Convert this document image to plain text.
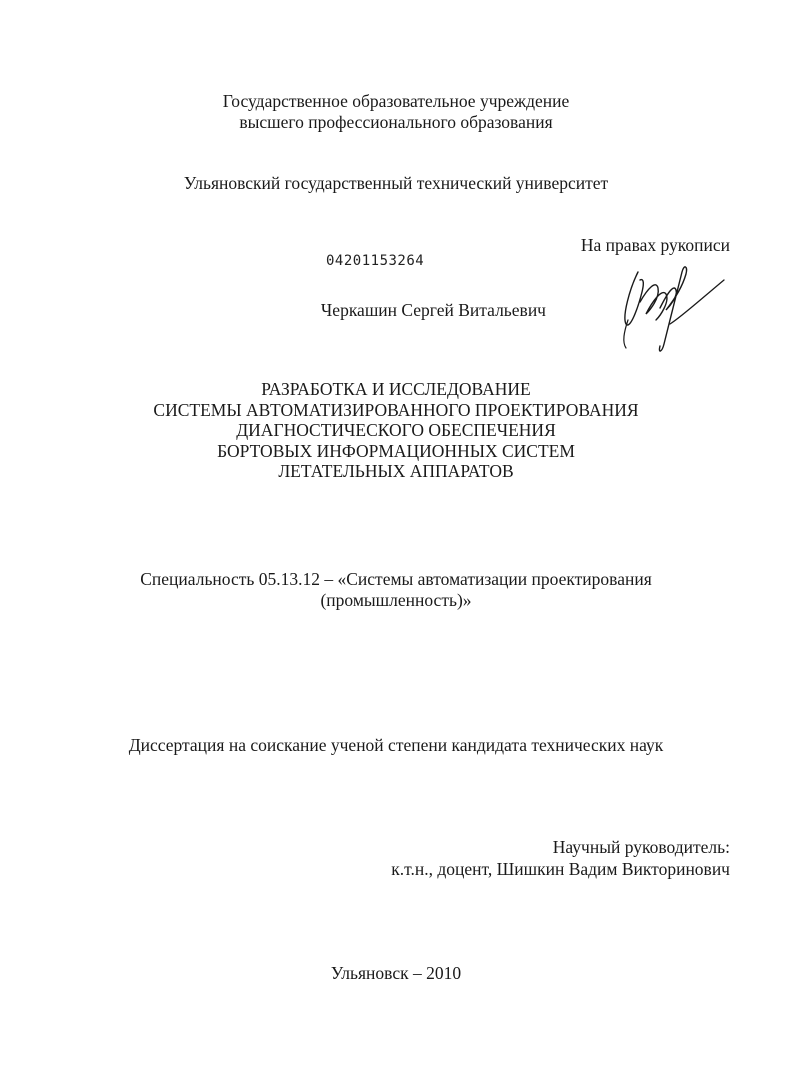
Государственное образовательное учреждение
высшего профессионального образования
Ульяновский государственный технический университет
На правах рукописи
04201153264
Черкашин Сергей Витальевич
РАЗРАБОТКА И ИССЛЕДОВАНИЕ
СИСТЕМЫ АВТОМАТИЗИРОВАННОГО ПРОЕКТИРОВАНИЯ
ДИАГНОСТИЧЕСКОГО ОБЕСПЕЧЕНИЯ
БОРТОВЫХ ИНФОРМАЦИОННЫХ СИСТЕМ
ЛЕТАТЕЛЬНЫХ АППАРАТОВ
Специальность 05.13.12 – «Системы автоматизации проектирования
(промышленность)»
Диссертация на соискание ученой степени кандидата технических наук
Научный руководитель:
к.т.н., доцент, Шишкин Вадим Викторинович
Ульяновск – 2010
